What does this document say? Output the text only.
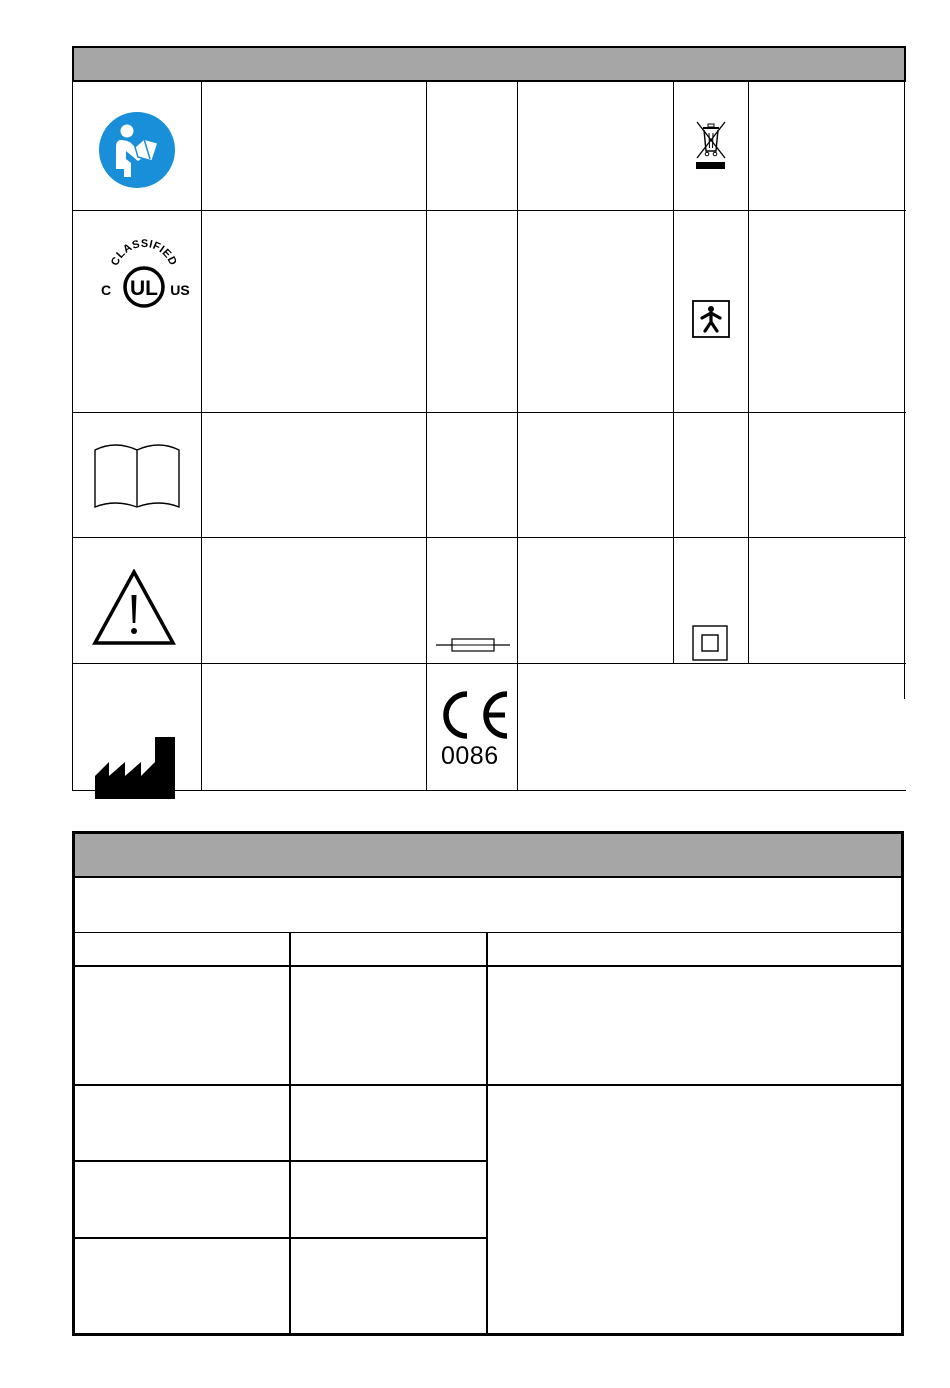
CLASSIFIED
UL
C	US
0086
